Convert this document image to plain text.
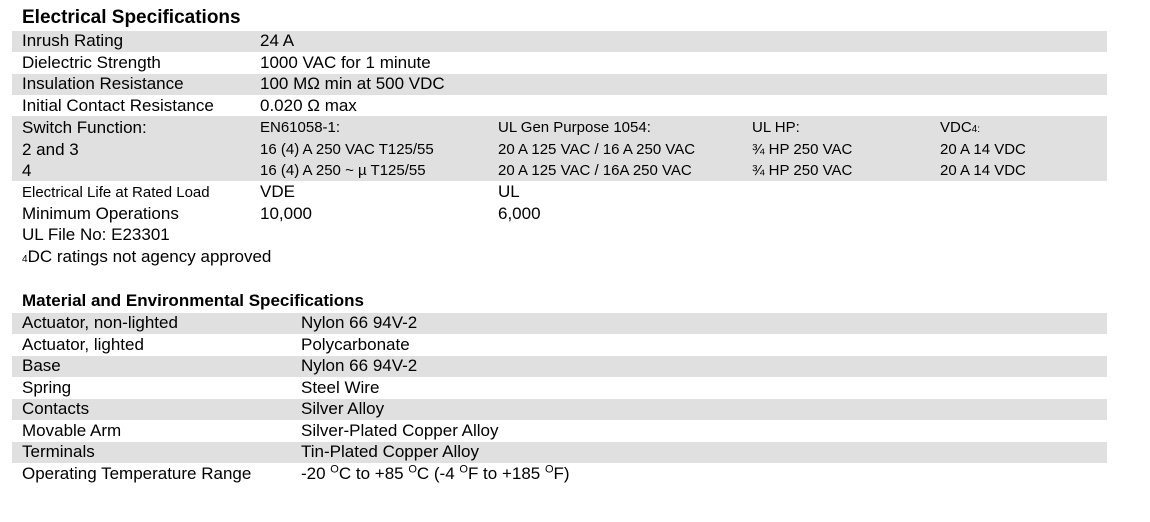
Electrical Specifications
Inrush Rating	24 A
Dielectric Strength	1000 VAC for 1 minute
Insulation Resistance	100 MΩ min at 500 VDC
Initial Contact Resistance	0.020 Ω max
Switch Function:	EN61058-1:	UL Gen Purpose 1054:	UL HP:	VDC4:
2 and 3	16 (4) A 250 VAC T125/55	20 A 125 VAC / 16 A 250 VAC	¾ HP 250 VAC	20 A 14 VDC
4	16 (4) A 250 ~ µ T125/55	20 A 125 VAC / 16A 250 VAC	¾ HP 250 VAC	20 A 14 VDC
Electrical Life at Rated Load	VDE	UL
Minimum Operations	10,000	6,000
UL File No: E23301
4DC ratings not agency approved
Material and Environmental Specifications
Actuator, non-lighted	Nylon 66 94V-2
Actuator, lighted	Polycarbonate
Base	Nylon 66 94V-2
Spring	Steel Wire
Contacts	Silver Alloy
Movable Arm	Silver-Plated Copper Alloy
Terminals	Tin-Plated Copper Alloy
Operating Temperature Range	-20 $^O$C to +85 $^O$C (-4 $^O$F to +185 $^O$F)
